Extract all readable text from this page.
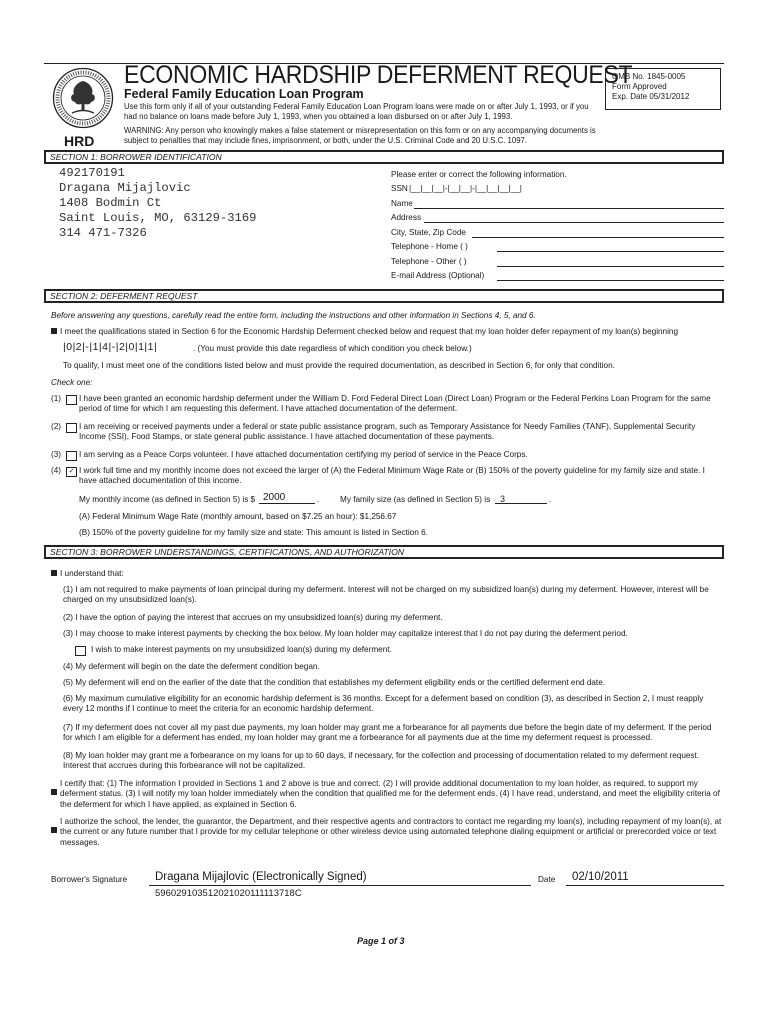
HRD
ECONOMIC HARDSHIP DEFERMENT REQUEST
Federal Family Education Loan Program
Use this form only if all of your outstanding Federal Family Education Loan Program loans were made on or after July 1, 1993, or if you had no balance on loans made before July 1, 1993, when you obtained a loan disbursed on or after July 1, 1993.
WARNING: Any person who knowingly makes a false statement or misrepresentation on this form or on any accompanying documents is subject to penalties that may include fines, imprisonment, or both, under the U.S. Criminal Code and 20 U.S.C. 1097.
OMB No. 1845-0005
Form Approved
Exp. Date 05/31/2012
SECTION 1: BORROWER IDENTIFICATION
492170191
Dragana Mijajlovic
1408 Bodmin Ct
Saint Louis, MO, 63129-3169
314 471-7326
Please enter or correct the following information.
SSN |__|__|__|-|__|__|-|__|__|__|__|
Name
Address
City, State, Zip Code
Telephone - Home ( )
Telephone - Other ( )
E-mail Address (Optional)
SECTION 2: DEFERMENT REQUEST
Before answering any questions, carefully read the entire form, including the instructions and other information in Sections 4, 5, and 6.
I meet the qualifications stated in Section 6 for the Economic Hardship Deferment checked below and request that my loan holder defer repayment of my loan(s) beginning
|0|2|-|1|4|-|2|0|1|1|	. (You must provide this date regardless of which condition you check below.)
To qualify, I must meet one of the conditions listed below and must provide the required documentation, as described in Section 6, for only that condition.
Check one:
(1) I have been granted an economic hardship deferment under the William D. Ford Federal Direct Loan (Direct Loan) Program or the Federal Perkins Loan Program for the same period of time for which I am requesting this deferment. I have attached documentation of the deferment.
(2) I am receiving or received payments under a federal or state public assistance program, such as Temporary Assistance for Needy Families (TANF), Supplemental Security Income (SSI), Food Stamps, or state general public assistance. I have attached documentation of these payments.
(3) I am serving as a Peace Corps volunteer. I have attached documentation certifying my period of service in the Peace Corps.
(4)	✓ I work full time and my monthly income does not exceed the larger of (A) the Federal Minimum Wage Rate or (B) 150% of the poverty guideline for my family size and state. I have attached documentation of this income.
My monthly income (as defined in Section 5) is $ 2000	.	My family size (as defined in Section 5) is 3	.
(A) Federal Minimum Wage Rate (monthly amount, based on $7.25 an hour): $1,256.67
(B) 150% of the poverty guideline for my family size and state: This amount is listed in Section 6.
SECTION 3: BORROWER UNDERSTANDINGS, CERTIFICATIONS, AND AUTHORIZATION
I understand that:
(1) I am not required to make payments of loan principal during my deferment. Interest will not be charged on my subsidized loan(s) during my deferment. However, interest will be charged on my unsubsidized loan(s).
(2) I have the option of paying the interest that accrues on my unsubsidized loan(s) during my deferment.
(3) I may choose to make interest payments by checking the box below. My loan holder may capitalize interest that I do not pay during the deferment period.
I wish to make interest payments on my unsubsidized loan(s) during my deferment.
(4) My deferment will begin on the date the deferment condition began.
(5) My deferment will end on the earlier of the date that the condition that establishes my deferment eligibility ends or the certified deferment end date.
(6) My maximum cumulative eligibility for an economic hardship deferment is 36 months. Except for a deferment based on condition (3), as described in Section 2, I must reapply every 12 months if I continue to meet the criteria for an economic hardship deferment.
(7) If my deferment does not cover all my past due payments, my loan holder may grant me a forbearance for all payments due before the begin date of my deferment. If the period for which I am eligible for a deferment has ended, my loan holder may grant me a forbearance for all payments due at the time my deferment request is processed.
(8) My loan holder may grant me a forbearance on my loans for up to 60 days, if necessary, for the collection and processing of documentation related to my deferment request. Interest that accrues during this forbearance will not be capitalized.
I certify that: (1) The information I provided in Sections 1 and 2 above is true and correct. (2) I will provide additional documentation to my loan holder, as required, to support my deferment status. (3) I will notify my loan holder immediately when the condition that qualified me for the deferment ends. (4) I have read, understand, and meet the eligibility criteria of the deferment for which I have applied, as explained in Section 6.
I authorize the school, the lender, the guarantor, the Department, and their respective agents and contractors to contact me regarding my loan(s), including repayment of my loan(s), at the current or any future number that I provide for my cellular telephone or other wireless device using automated telephone dialing equipment or artificial or prerecorded voice or text messages.
Borrower's Signature Dragana Mijajlovic (Electronically Signed)
596029103512021020111113718C
Date 02/10/2011
Page 1 of 3
